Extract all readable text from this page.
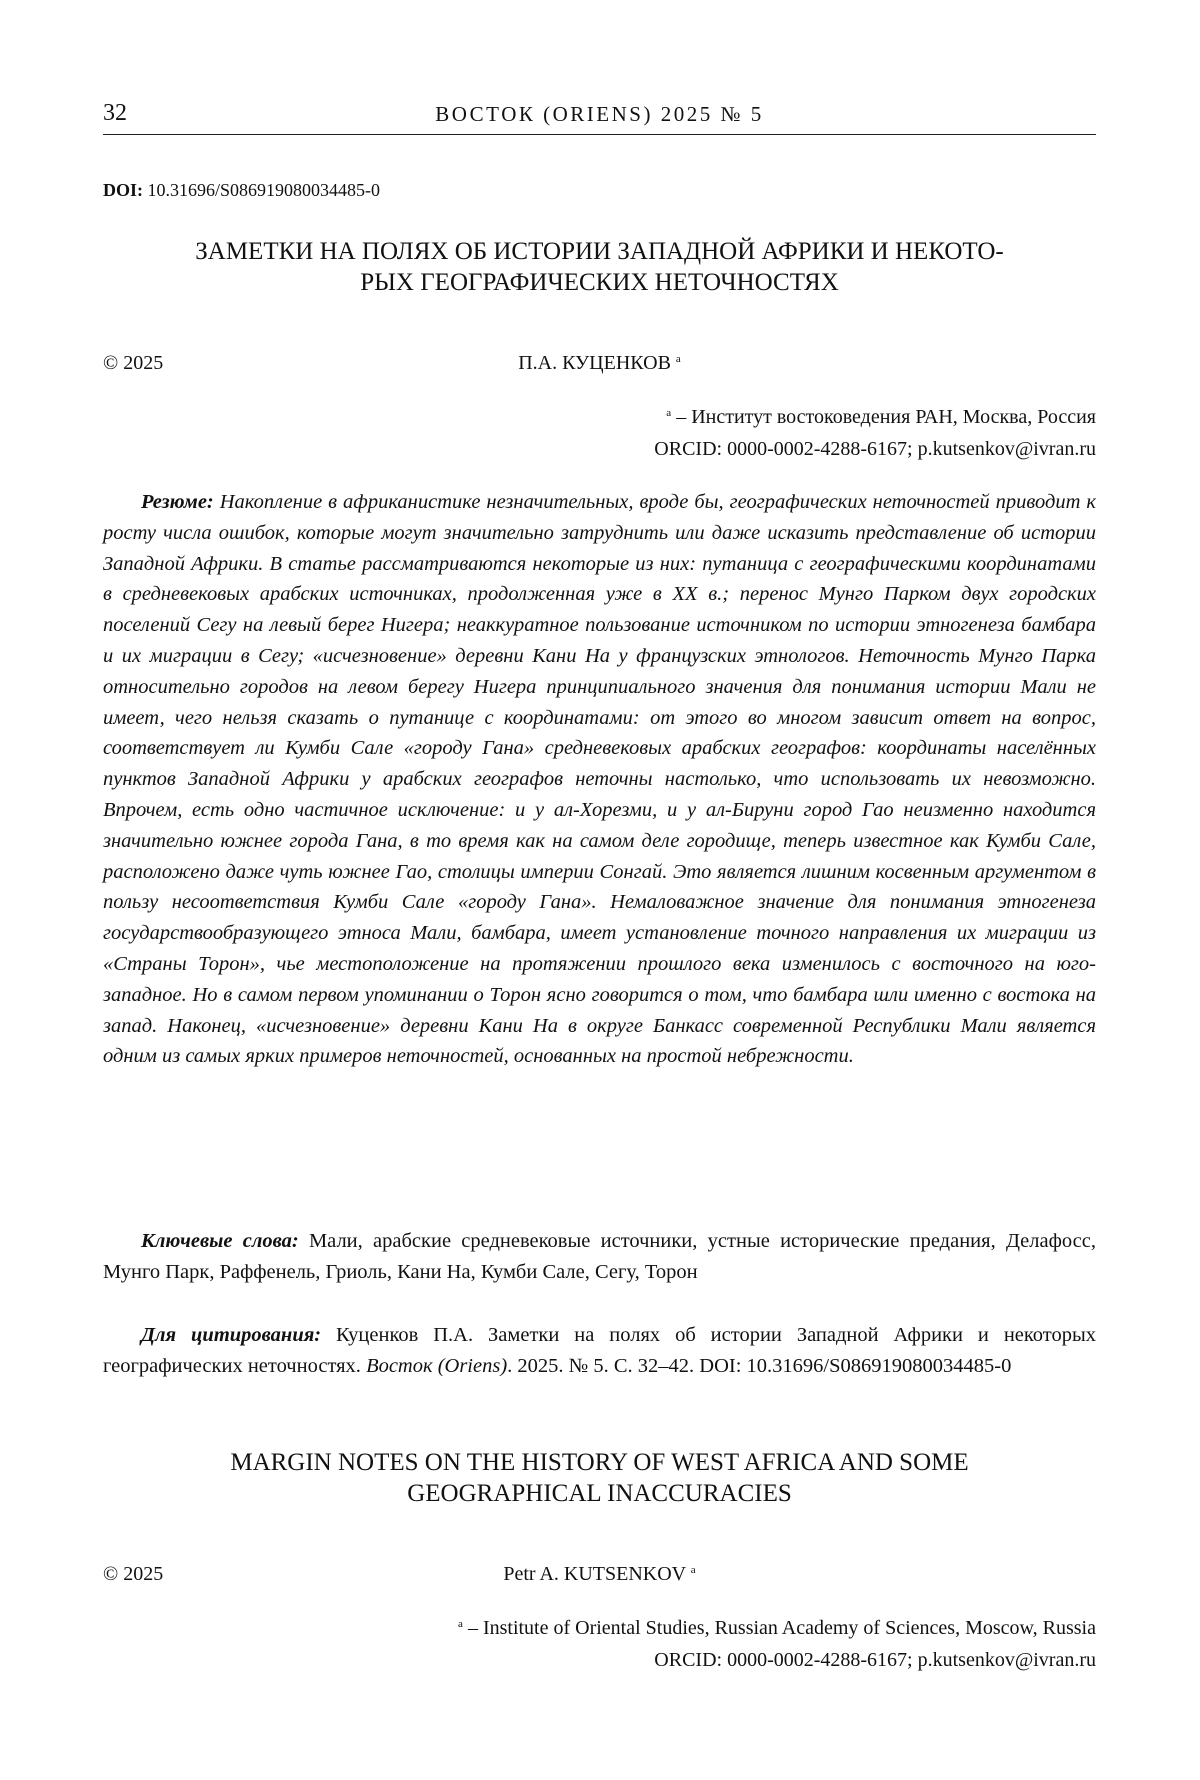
32	ВОСТОК (ORIENS) 2025 № 5
DOI: 10.31696/S086919080034485-0
ЗАМЕТКИ НА ПОЛЯХ ОБ ИСТОРИИ ЗАПАДНОЙ АФРИКИ И НЕКОТО-
РЫХ ГЕОГРАФИЧЕСКИХ НЕТОЧНОСТЯХ
© 2025	П.А. КУЦЕНКОВ $^a$
$^a$ – Институт востоковедения РАН, Москва, Россия
ORCID: 0000-0002-4288-6167; p.kutsenkov@ivran.ru
Резюме: Накопление в африканистике незначительных, вроде бы, географических неточностей приводит к росту числа ошибок, которые могут значительно затруднить или даже исказить представление об истории Западной Африки. В статье рассматриваются некоторые из них: путаница с географическими координатами в средневековых арабских источниках, продолженная уже в XX в.; перенос Мунго Парком двух городских поселений Сегу на левый берег Нигера; неаккуратное пользование источником по истории этногенеза бамбара и их миграции в Сегу; «исчезновение» деревни Кани На у французских этнологов. Неточность Мунго Парка относительно городов на левом берегу Нигера принципиального значения для понимания истории Мали не имеет, чего нельзя сказать о путанице с координатами: от этого во многом зависит ответ на вопрос, соответствует ли Кумби Сале «городу Гана» средневековых арабских географов: координаты населённых пунктов Западной Африки у арабских географов неточны настолько, что использовать их невозможно. Впрочем, есть одно частичное исключение: и у ал-Хорезми, и у ал-Бируни город Гао неизменно находится значительно южнее города Гана, в то время как на самом деле городище, теперь известное как Кумби Сале, расположено даже чуть южнее Гао, столицы империи Сонгай. Это является лишним косвенным аргументом в пользу несоответствия Кумби Сале «городу Гана». Немаловажное значение для понимания этногенеза государствообразующего этноса Мали, бамбара, имеет установление точного направления их миграции из «Страны Торон», чье местоположение на протяжении прошлого века изменилось с восточного на юго-западное. Но в самом первом упоминании о Торон ясно говорится о том, что бамбара шли именно с востока на запад. Наконец, «исчезновение» деревни Кани На в округе Банкасс современной Республики Мали является одним из самых ярких примеров неточностей, основанных на простой небрежности.
Ключевые слова: Мали, арабские средневековые источники, устные исторические предания, Делафосс, Мунго Парк, Раффенель, Гриоль, Кани На, Кумби Сале, Сегу, Торон
Для цитирования: Куценков П.А. Заметки на полях об истории Западной Африки и некоторых географических неточностях. Восток (Oriens). 2025. № 5. С. 32–42. DOI: 10.31696/S086919080034485-0
MARGIN NOTES ON THE HISTORY OF WEST AFRICA AND SOME
GEOGRAPHICAL INACCURACIES
© 2025	Petr A. KUTSENKOV $^a$
$^a$ – Institute of Oriental Studies, Russian Academy of Sciences, Moscow, Russia
ORCID: 0000-0002-4288-6167; p.kutsenkov@ivran.ru
